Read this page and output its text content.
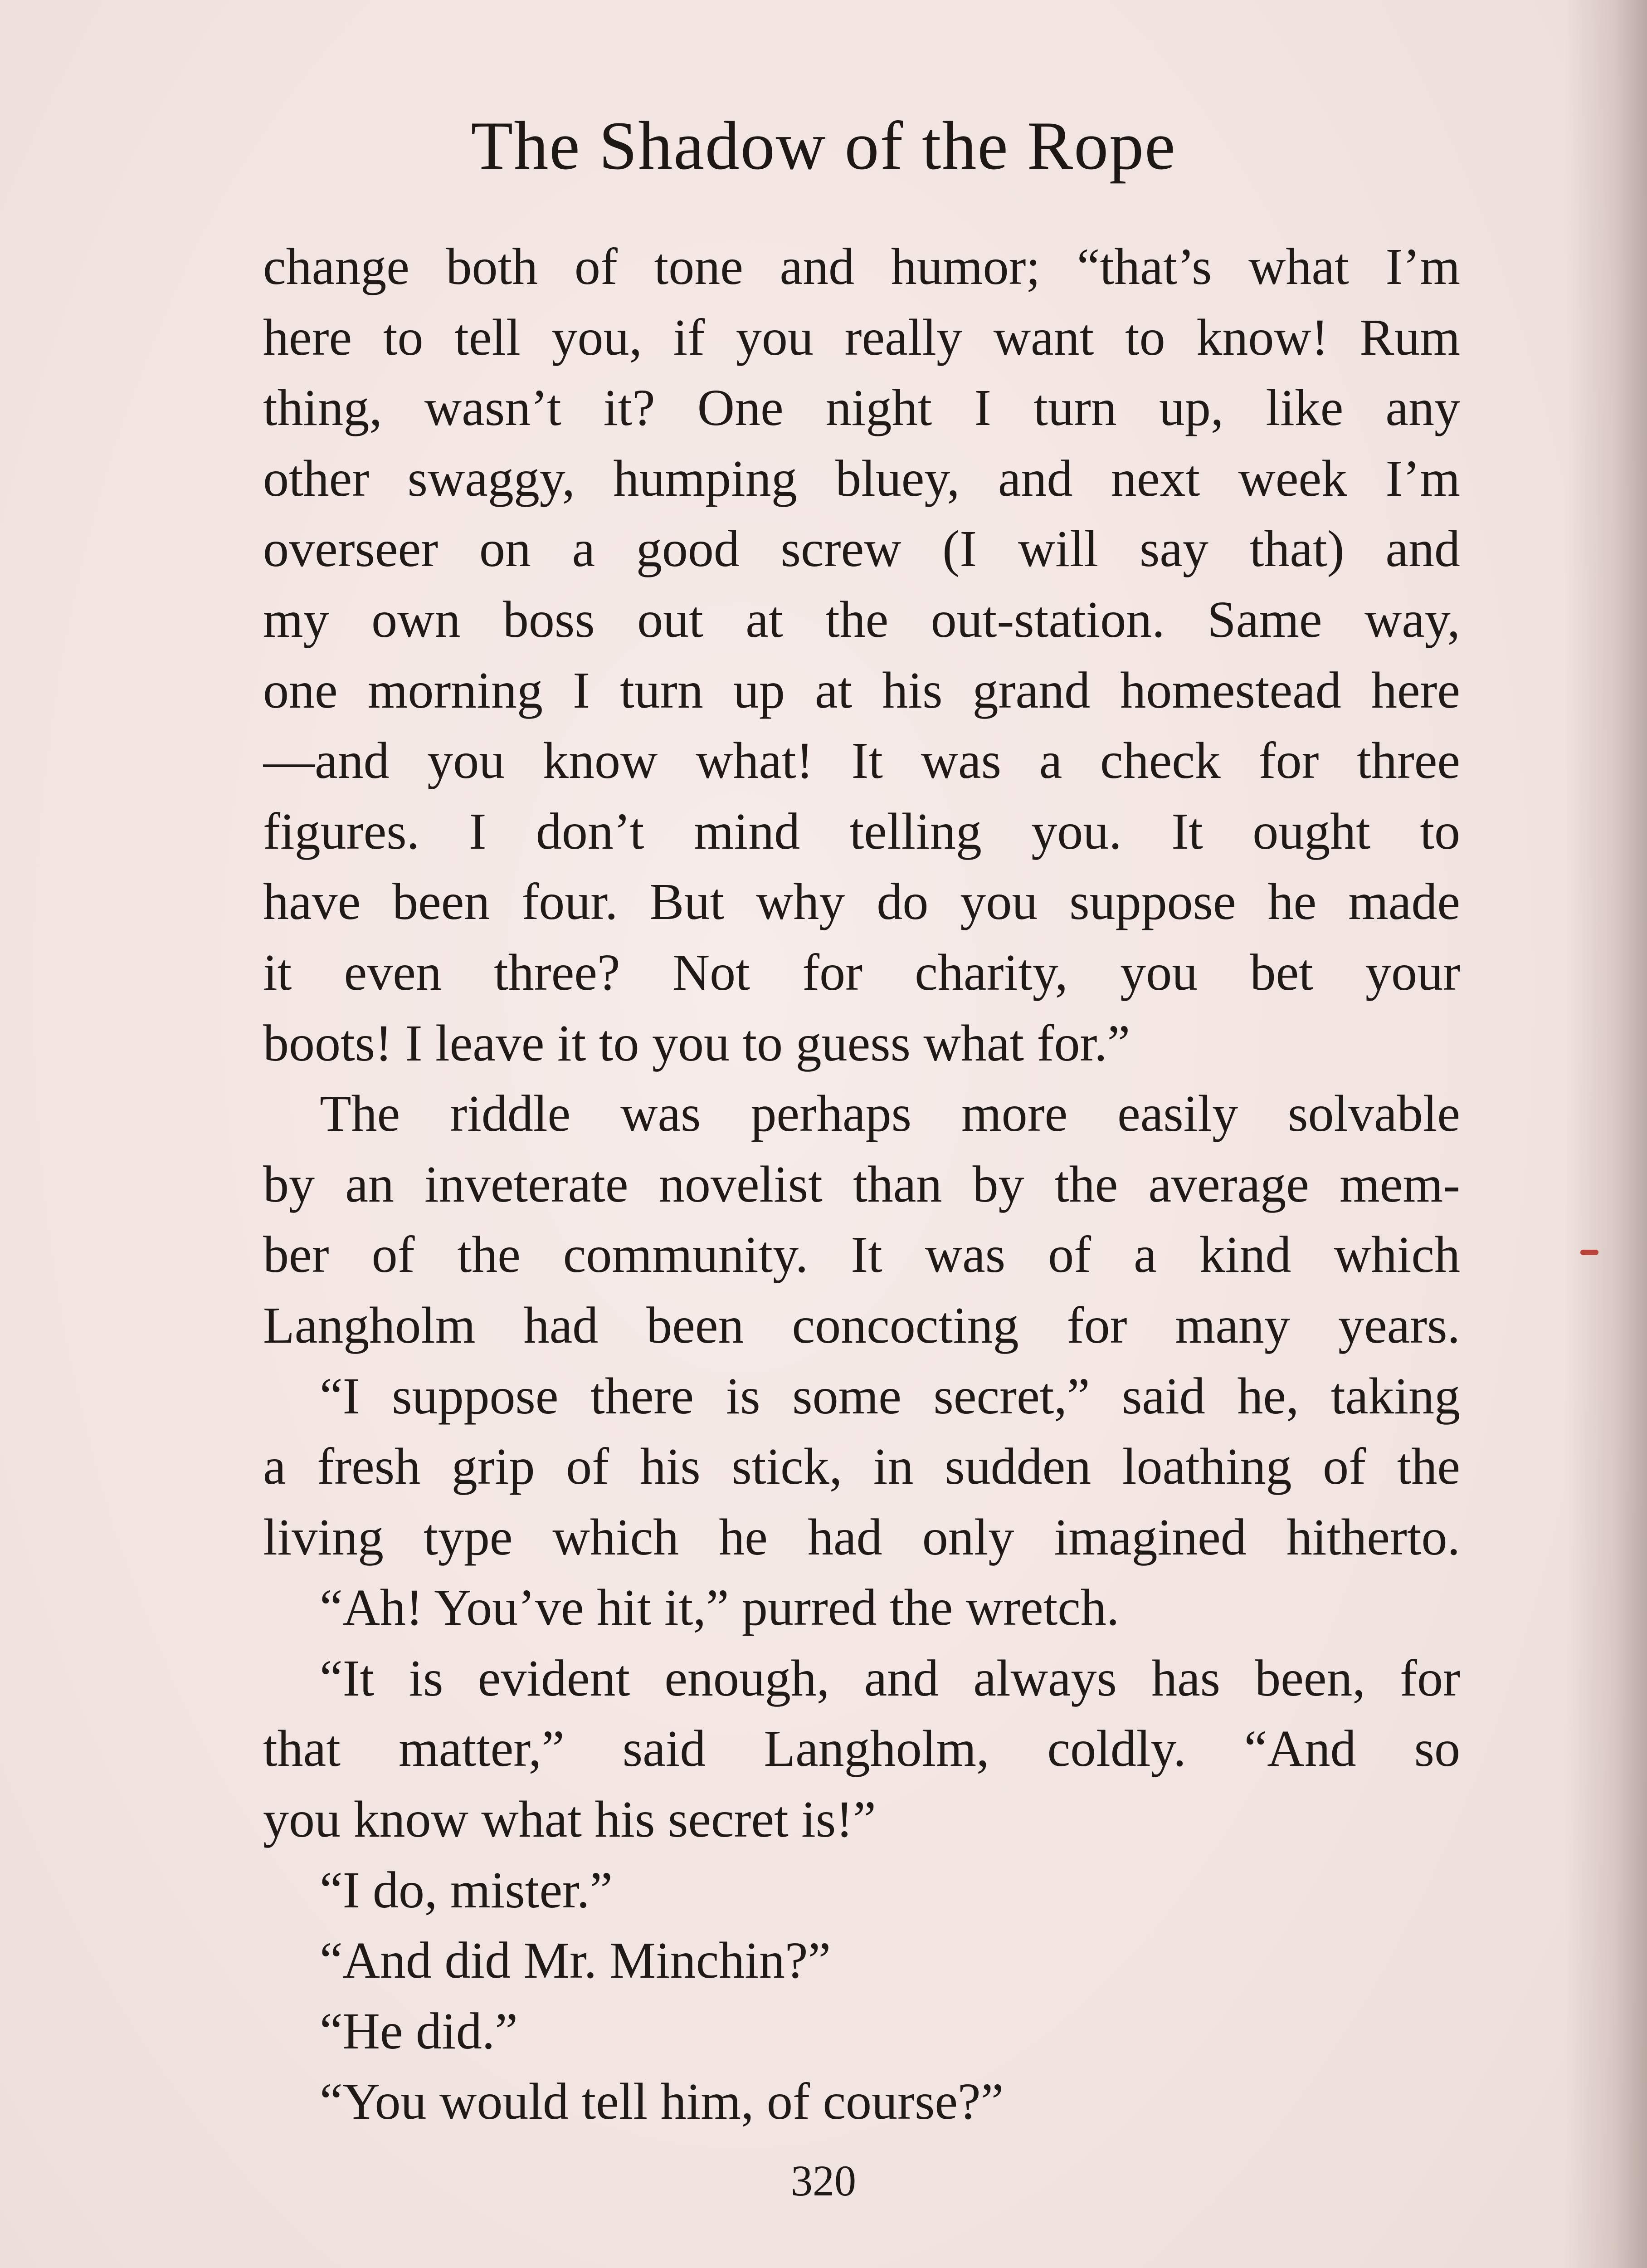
The Shadow of the Rope
change both of tone and humor; “that’s what I’m
here to tell you, if you really want to know! Rum
thing, wasn’t it? One night I turn up, like any
other swaggy, humping bluey, and next week I’m
overseer on a good screw (I will say that) and
my own boss out at the out-station. Same way,
one morning I turn up at his grand homestead here
—and you know what! It was a check for three
figures. I don’t mind telling you. It ought to
have been four. But why do you suppose he made
it even three? Not for charity, you bet your
boots! I leave it to you to guess what for.”
The riddle was perhaps more easily solvable
by an inveterate novelist than by the average mem-
ber of the community. It was of a kind which
Langholm had been concocting for many years.
“I suppose there is some secret,” said he, taking
a fresh grip of his stick, in sudden loathing of the
living type which he had only imagined hitherto.
“Ah! You’ve hit it,” purred the wretch.
“It is evident enough, and always has been, for
that matter,” said Langholm, coldly. “And so
you know what his secret is!”
“I do, mister.”
“And did Mr. Minchin?”
“He did.”
“You would tell him, of course?”
320
